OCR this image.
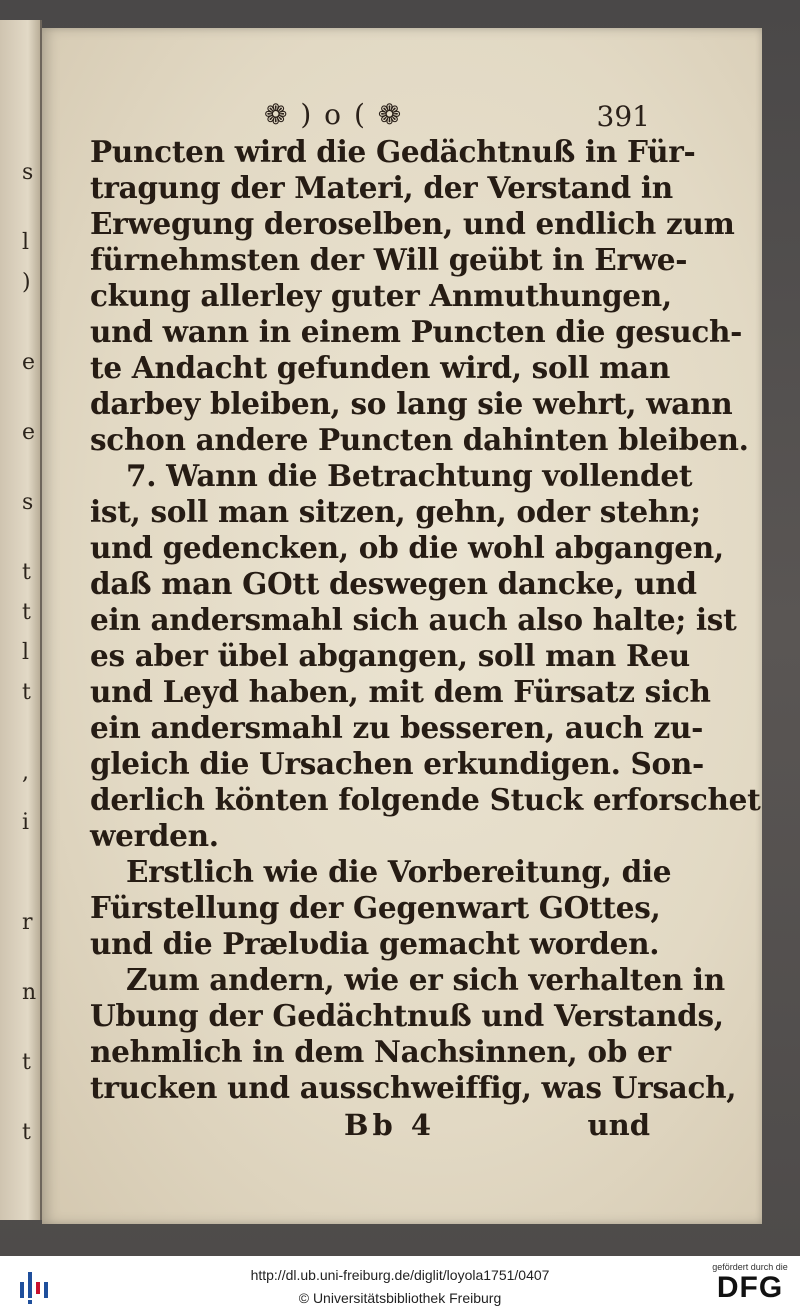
s
l
)
e
e
s
t
t
l
t
,
i
r
n
t
t
❁ ) o ( ❁	391
Puncten wird die Gedächtnuß in Für-
tragung der Materi, der Verstand in
Erwegung deroselben, und endlich zum
fürnehmsten der Will geübt in Erwe-
ckung allerley guter Anmuthungen,
und wann in einem Puncten die gesuch-
te Andacht gefunden wird, soll man
darbey bleiben, so lang sie wehrt, wann
schon andere Puncten dahinten bleiben.
7. Wann die Betrachtung vollendet
ist, soll man sitzen, gehn, oder stehn;
und gedencken, ob die wohl abgangen,
daß man GOtt deswegen dancke, und
ein andersmahl sich auch also halte; ist
es aber übel abgangen, soll man Reu
und Leyd haben, mit dem Fürsatz sich
ein andersmahl zu besseren, auch zu-
gleich die Ursachen erkundigen. Son-
derlich könten folgende Stuck erforschet
werden.
Erstlich wie die Vorbereitung, die
Fürstellung der Gegenwart GOttes,
und die Prælυdia gemacht worden.
Zum andern, wie er sich verhalten in
Ubung der Gedächtnuß und Verstands,
nehmlich in dem Nachsinnen, ob er
trucken und ausschweiffig, was Ursach,
Bb 4	und
http://dl.ub.uni-freiburg.de/diglit/loyola1751/0407
© Universitätsbibliothek Freiburg
gefördert durch die
DFG
